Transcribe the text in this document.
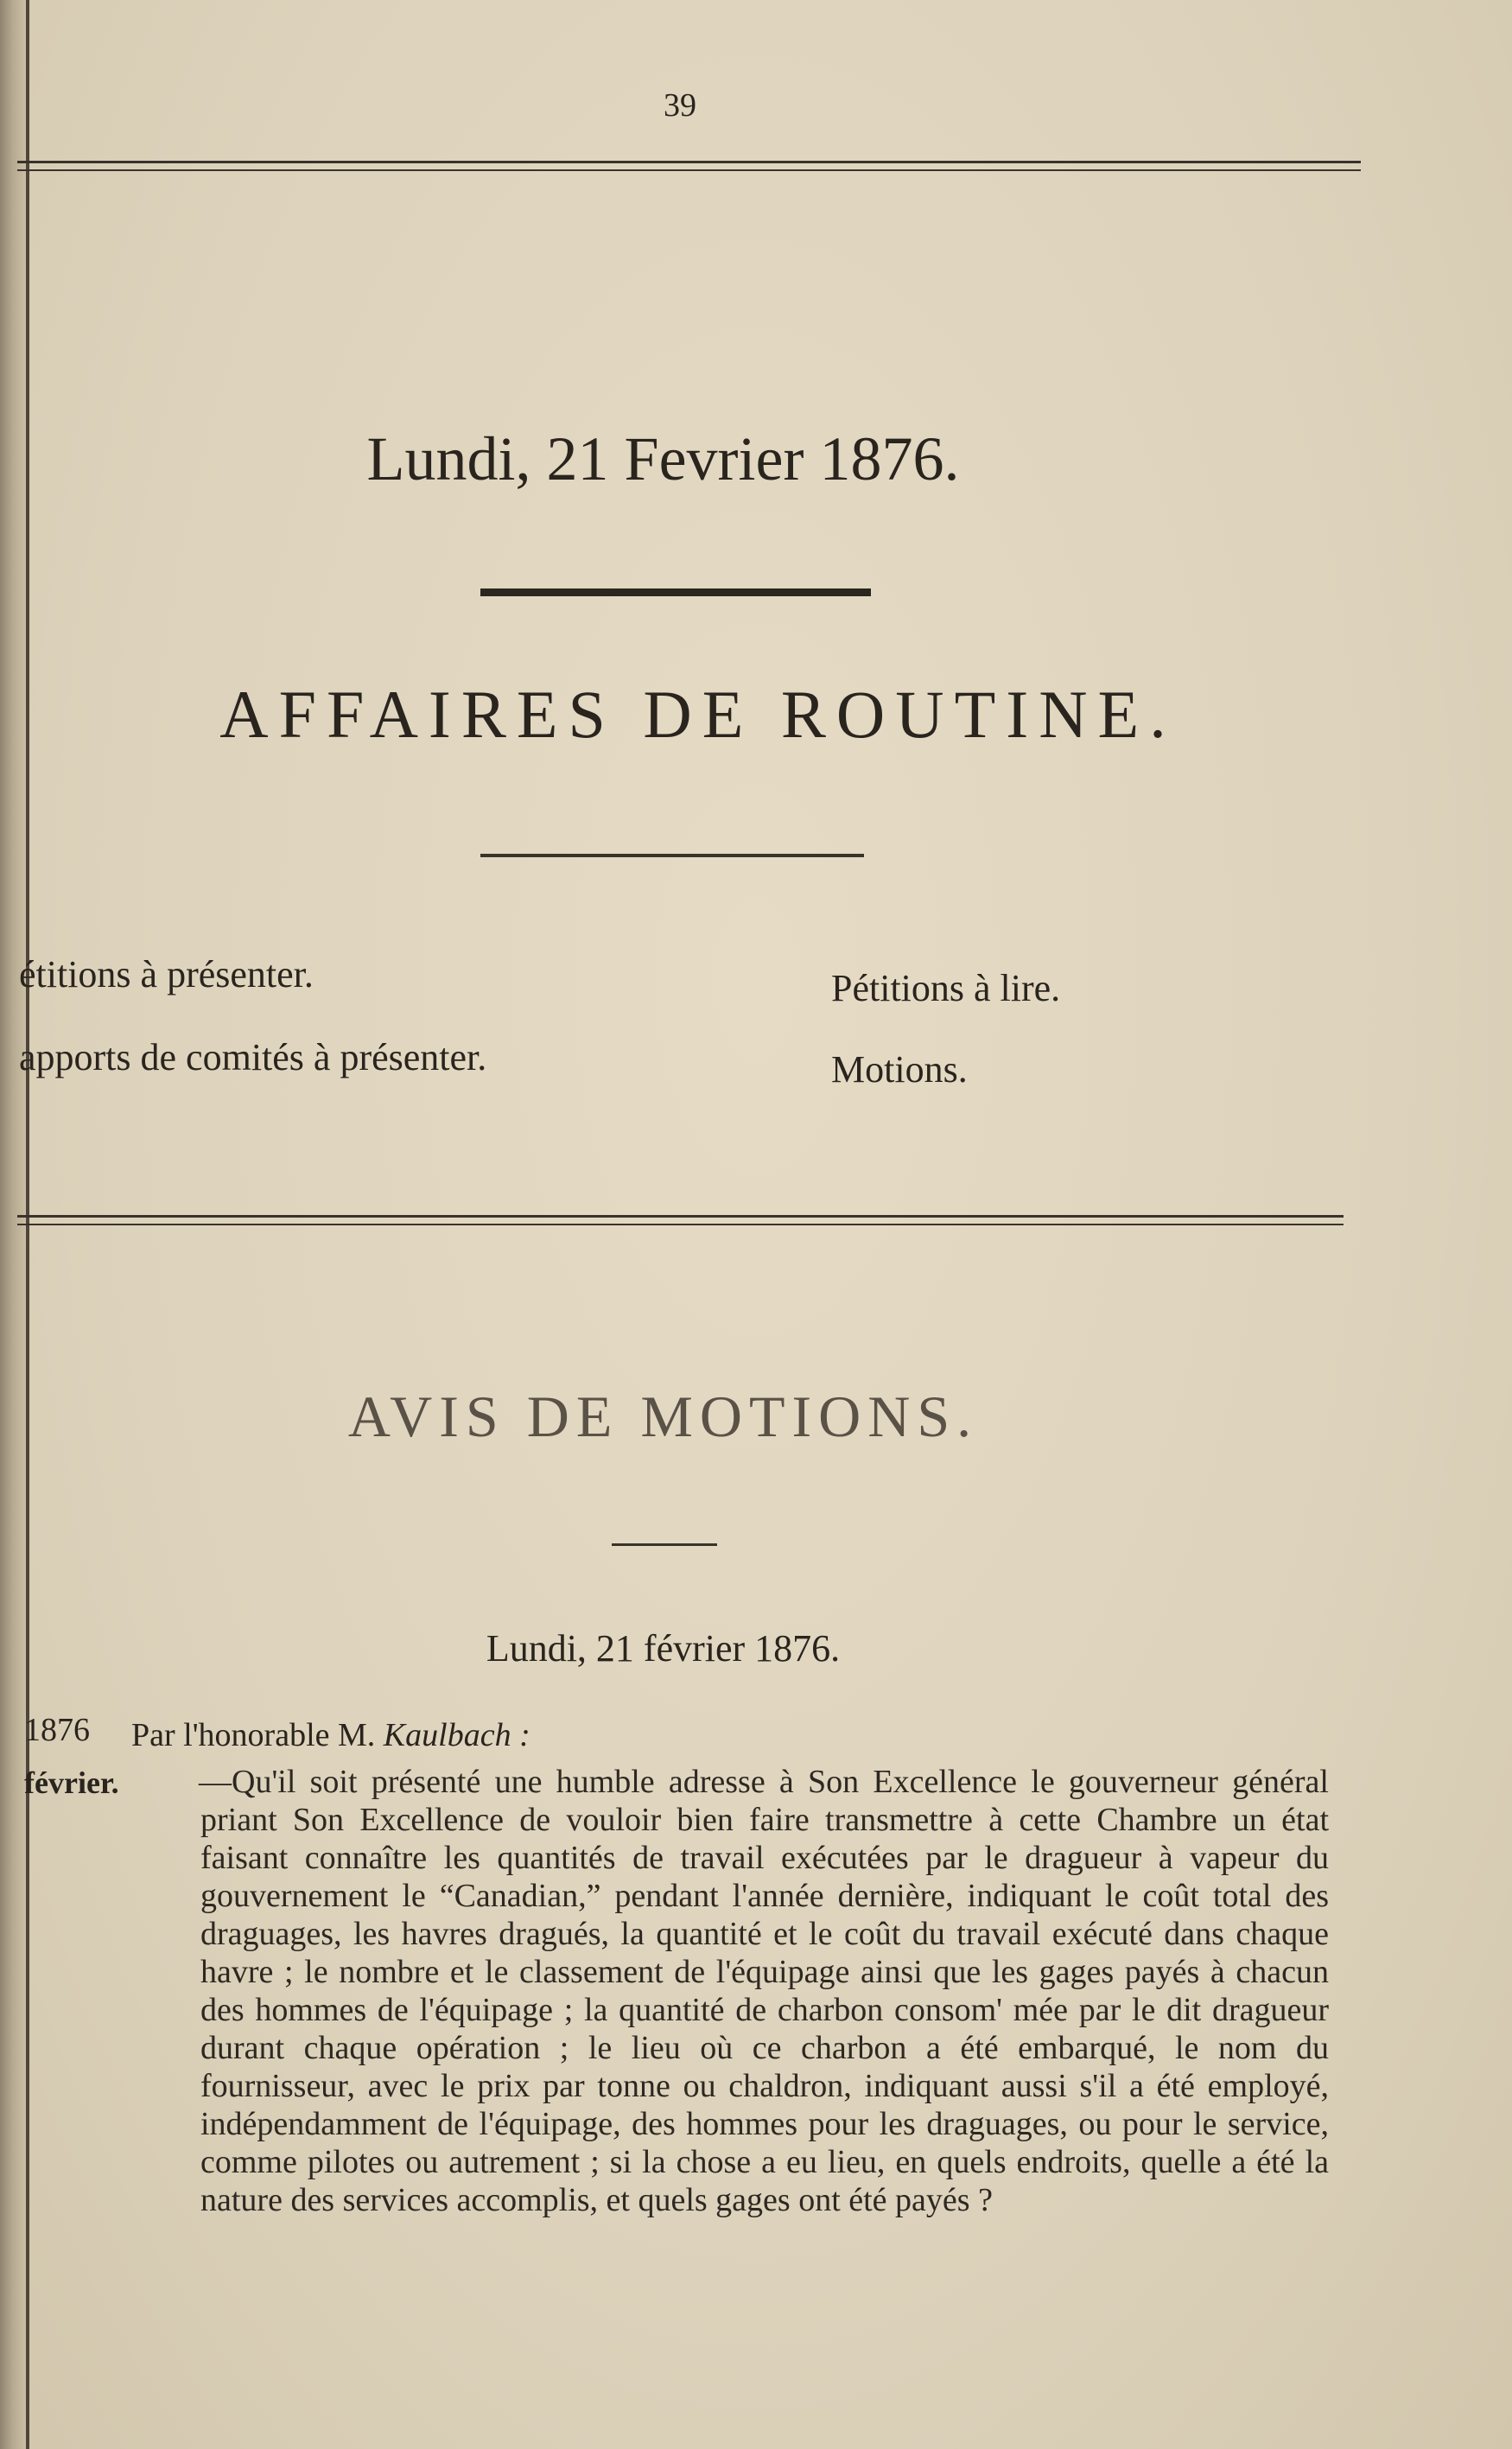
39
Lundi, 21 Fevrier 1876.
AFFAIRES DE ROUTINE.
étitions à présenter.	Pétitions à lire.
apports de comités à présenter.	Motions.
AVIS DE MOTIONS.
Lundi, 21 février 1876.
1876 Par l'honorable M. Kaulbach :
février. —Qu'il soit présenté une humble adresse à Son Excellence le gouverneur général priant Son Excellence de vouloir bien faire transmettre à cette Chambre un état faisant connaître les quantités de travail exécutées par le dragueur à vapeur du gouvernement le “Canadian,” pendant l'année dernière, indiquant le coût total des draguages, les havres dragués, la quantité et le coût du travail exécuté dans chaque havre ; le nombre et le classement de l'équipage ainsi que les gages payés à chacun des hommes de l'équipage ; la quantité de charbon consom' mée par le dit dragueur durant chaque opération ; le lieu où ce charbon a été embarqué, le nom du fournisseur, avec le prix par tonne ou chaldron, indiquant aussi s'il a été employé, indépendamment de l'équipage, des hommes pour les draguages, ou pour le service, comme pilotes ou autrement ; si la chose a eu lieu, en quels endroits, quelle a été la nature des services accomplis, et quels gages ont été payés ?
